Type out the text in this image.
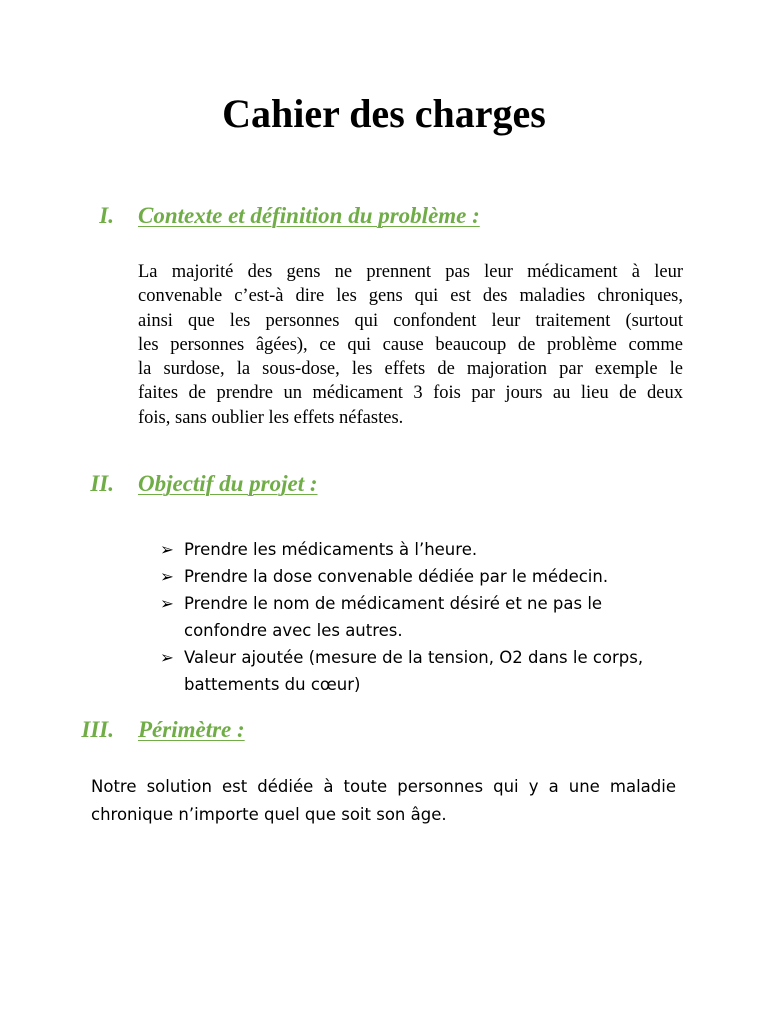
Cahier des charges
I. Contexte et définition du problème :

La majorité des gens ne prennent pas leur médicament à leur
convenable c’est-à dire les gens qui est des maladies chroniques,
ainsi que les personnes qui confondent leur traitement (surtout
les personnes âgées), ce qui cause beaucoup de problème comme
la surdose, la sous-dose, les effets de majoration par exemple le
faites de prendre un médicament 3 fois par jours au lieu de deux
fois, sans oublier les effets néfastes.

II. Objectif du projet :
➢ Prendre les médicaments à l’heure.
➢ Prendre la dose convenable dédiée par le médecin.
➢ Prendre le nom de médicament désiré et ne pas le
confondre avec les autres.
➢ Valeur ajoutée (mesure de la tension, O2 dans le corps,
battements du cœur)
III. Périmètre :

Notre solution est dédiée à toute personnes qui y a une maladie
chronique n’importe quel que soit son âge.
